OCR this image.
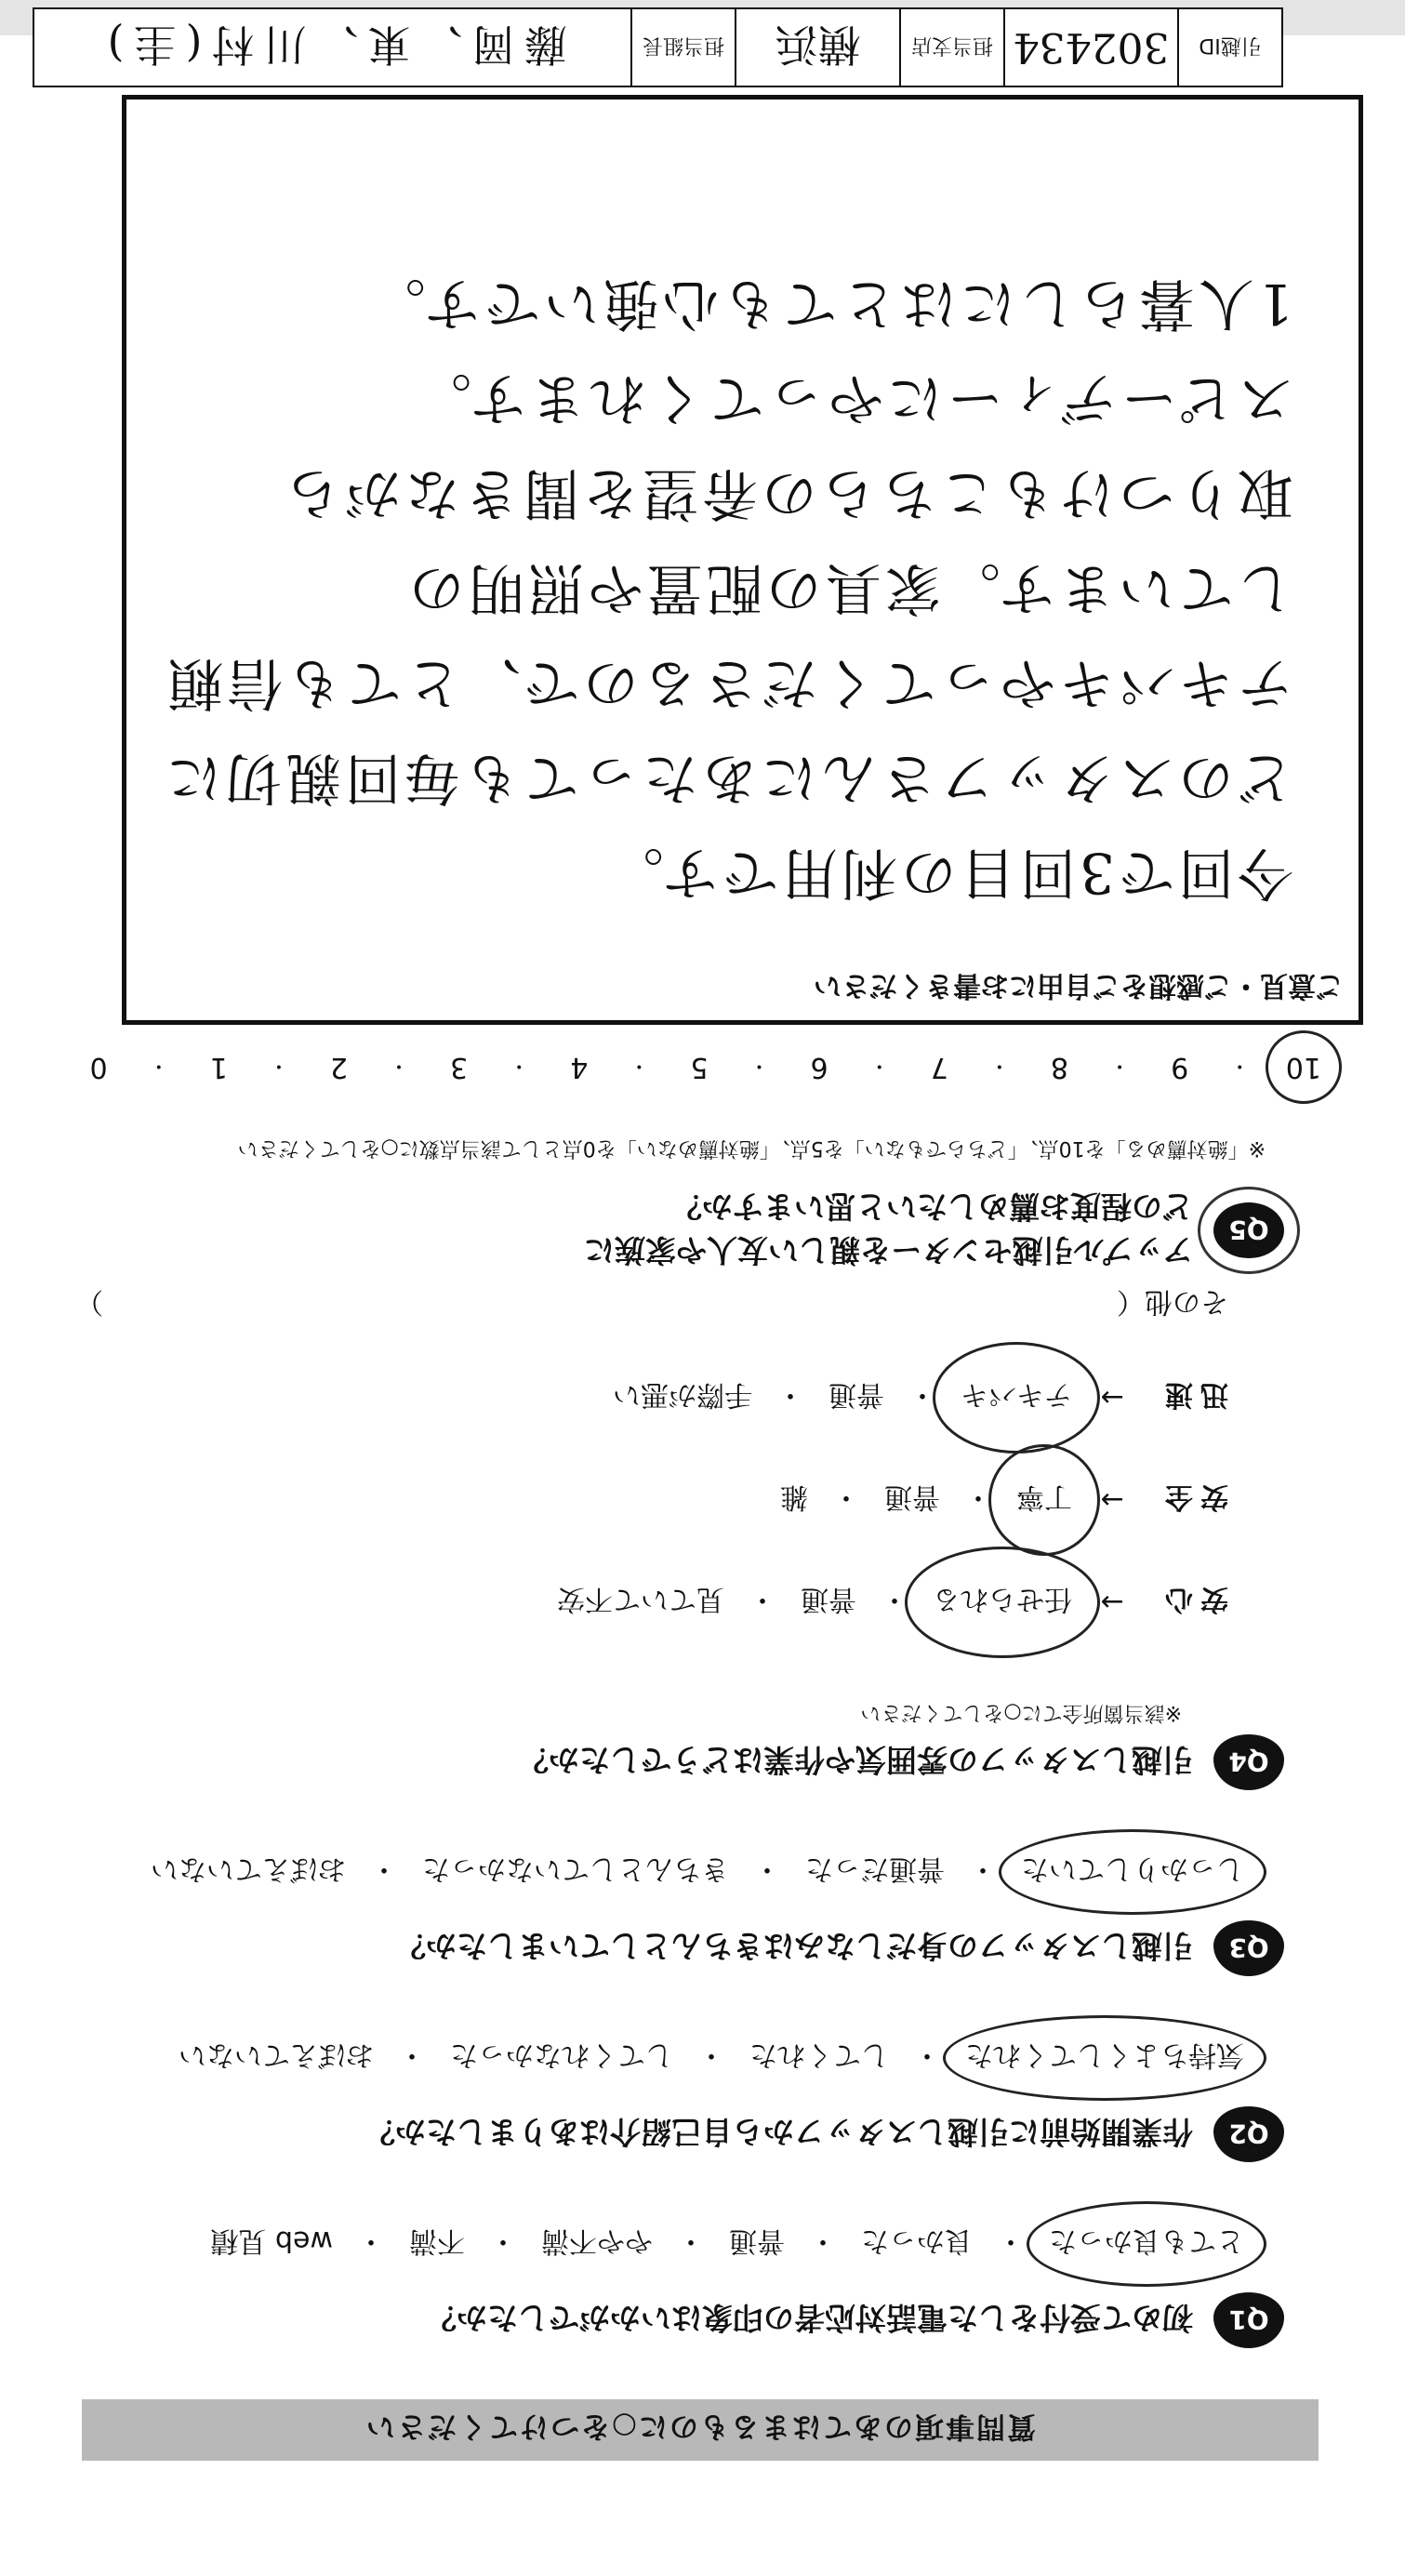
質問事項のあてはまるものに○をつけてください
Q1
初めて受付をした電話対応者の印象はいかがでしたか？
とても良かった
・
良かった
・
普通
・
やや不満
・
不満
・
web 見積
Q2
作業開始前に引越しスタッフから自己紹介はありましたか？
気持ちよくしてくれた
・
してくれた
・
してくれなかった
・
おぼえていない
Q3
引越しスタッフの身だしなみはきちんとしていましたか？
しっかりしていた
・
普通だった
・
きちんとしていなかった
・
おぼえていない
Q4
引越しスタッフの雰囲気や作業はどうでしたか？
※該当箇所全てに○をしてください
安心
→
任せられる
・
普通
・
見ていて不安
安全
→
丁寧
・
普通
・
雑
迅速
→
テキパキ
・
普通
・
手際が悪い
その他（
）
Q5
アップル引越センターを親しい友人や家族に
どの程度お薦めしたいと思いますか？
※「絶対薦める」を10点、「どちらでもない」を5点、「絶対薦めない」を0点として該当点数に○をしてください
10
・
9
・
8
・
7
・
6
・
5
・
4
・
3
・
2
・
1
・
0
ご意見・ご感想をご自由にお書きください
今回で3回目の利用です。
どのスタッフさんにあたっても毎回親切に
テキパキやってくださるので、とても信頼
しています。家具の配置や照明の
取りつけもこちらの希望を聞きながら
スピーディーにやってくれます。
1人暮らしにはとても心強いです。
引越ID
302434
担当支店
横浜
担当組長
藤岡、東、川村(圭)
